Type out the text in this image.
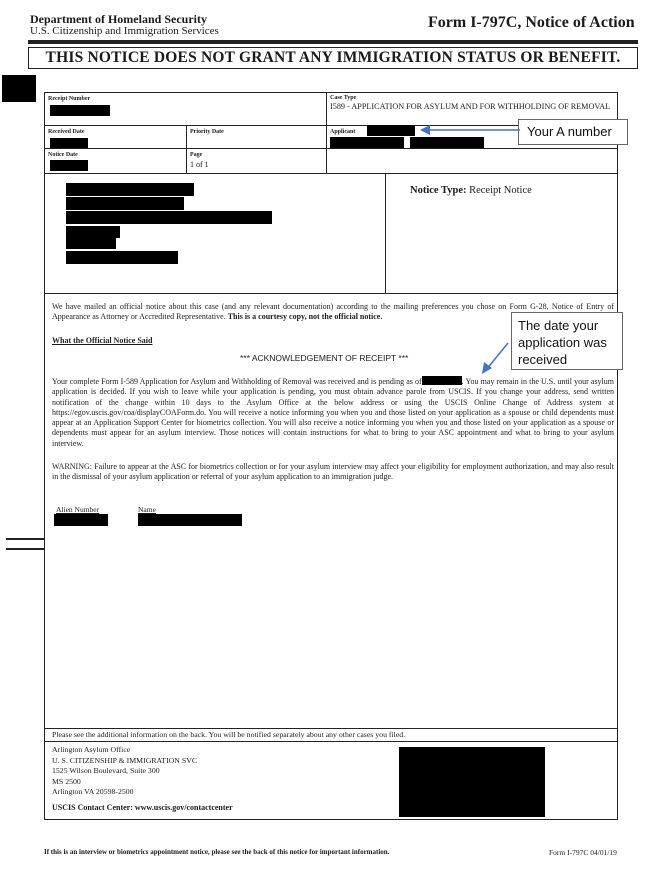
Department of Homeland Security
U.S. Citizenship and Immigration Services	Form I-797C, Notice of Action
THIS NOTICE DOES NOT GRANT ANY IMMIGRATION STATUS OR BENEFIT.
Receipt Number	Case Type
I589 - APPLICATION FOR ASYLUM AND FOR WITHHOLDING OF REMOVAL
Received Date	Priority Date	Applicant
Notice Date	Page
1 of 1
Your A number
Notice Type: Receipt Notice
We have mailed an official notice about this case (and any relevant documentation) according to the mailing preferences you chose on Form G-28, Notice of Entry of Appearance as Attorney or Accredited Representative. This is a courtesy copy, not the official notice.
The date your application was received
What the Official Notice Said
*** ACKNOWLEDGEMENT OF RECEIPT ***
Your complete Form I-589 Application for Asylum and Withholding of Removal was received and is pending as of	. You may remain in the U.S. until your asylum application is decided. If you wish to leave while your application is pending, you must obtain advance parole from USCIS. If you change your address, send written notification of the change within 10 days to the Asylum Office at the below address or using the USCIS Online Change of Address system at https://egov.uscis.gov/coa/displayCOAForm.do. You will receive a notice informing you when you and those listed on your application as a spouse or child dependents must appear at an Application Support Center for biometrics collection. You will also receive a notice informing you when you and those listed on your application as a spouse or dependents must appear for an asylum interview. Those notices will contain instructions for what to bring to your ASC appointment and what to bring to your asylum interview.
WARNING: Failure to appear at the ASC for biometrics collection or for your asylum interview may affect your eligibility for employment authorization, and may also result in the dismissal of your asylum application or referral of your asylum application to an immigration judge.
Alien Number	Name
Please see the additional information on the back. You will be notified separately about any other cases you filed.
Arlington Asylum Office
U. S. CITIZENSHIP & IMMIGRATION SVC
1525 Wilson Boulevard, Suite 300
MS 2500
Arlington VA 20598-2500
USCIS Contact Center: www.uscis.gov/contactcenter
If this is an interview or biometrics appointment notice, please see the back of this notice for important information.	Form I-797C 04/01/19
